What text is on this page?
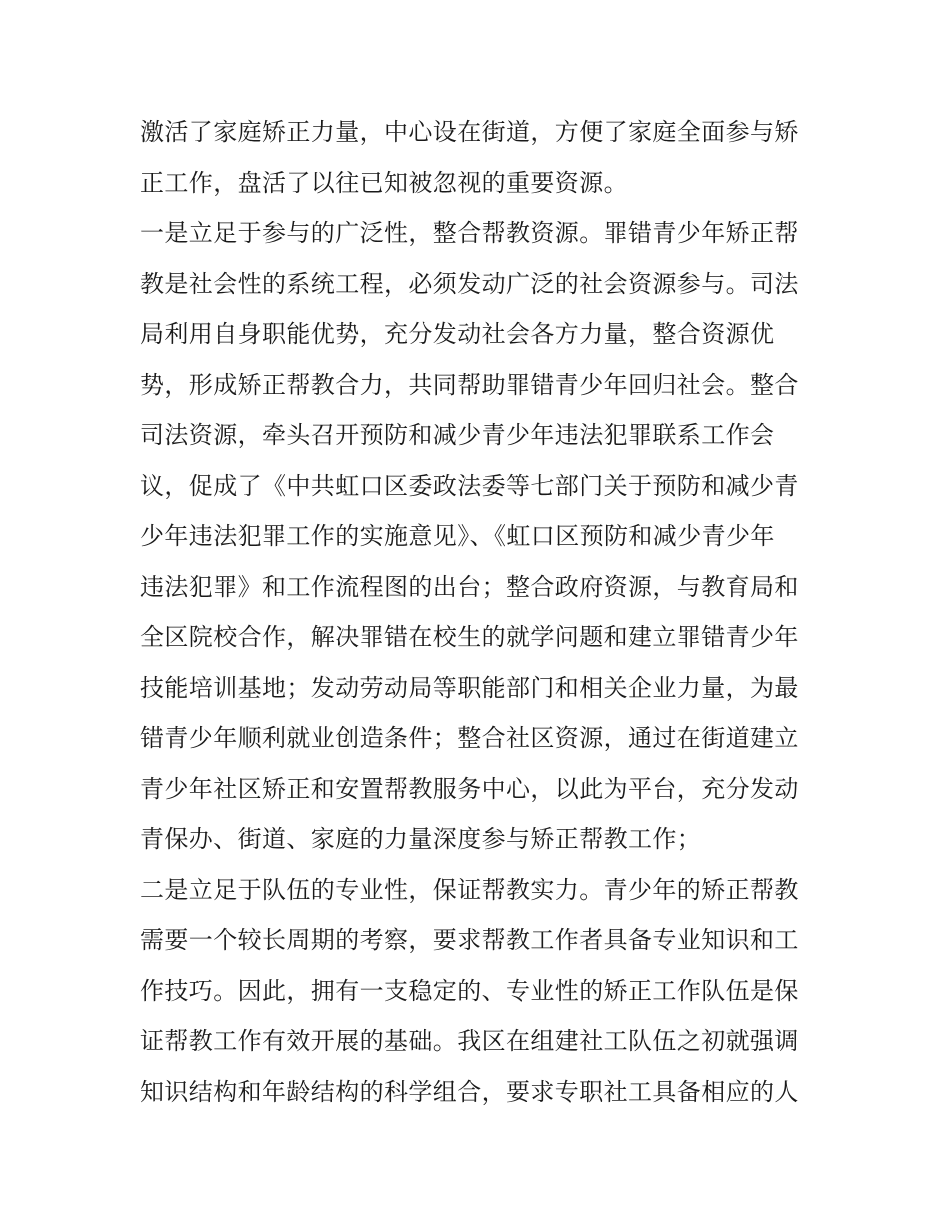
激活了家庭矫正力量，中心设在街道，方便了家庭全面参与矫
正工作，盘活了以往已知被忽视的重要资源。
一是立足于参与的广泛性，整合帮教资源。罪错青少年矫正帮
教是社会性的系统工程，必须发动广泛的社会资源参与。司法
局利用自身职能优势，充分发动社会各方力量，整合资源优
势，形成矫正帮教合力，共同帮助罪错青少年回归社会。整合
司法资源，牵头召开预防和减少青少年违法犯罪联系工作会
议，促成了《中共虹口区委政法委等七部门关于预防和减少青
少年违法犯罪工作的实施意见》、《虹口区预防和减少青少年
违法犯罪》和工作流程图的出台；整合政府资源，与教育局和
全区院校合作，解决罪错在校生的就学问题和建立罪错青少年
技能培训基地；发动劳动局等职能部门和相关企业力量，为最
错青少年顺利就业创造条件；整合社区资源，通过在街道建立
青少年社区矫正和安置帮教服务中心，以此为平台，充分发动
青保办、街道、家庭的力量深度参与矫正帮教工作；
二是立足于队伍的专业性，保证帮教实力。青少年的矫正帮教
需要一个较长周期的考察，要求帮教工作者具备专业知识和工
作技巧。因此，拥有一支稳定的、专业性的矫正工作队伍是保
证帮教工作有效开展的基础。我区在组建社工队伍之初就强调
知识结构和年龄结构的科学组合，要求专职社工具备相应的人
